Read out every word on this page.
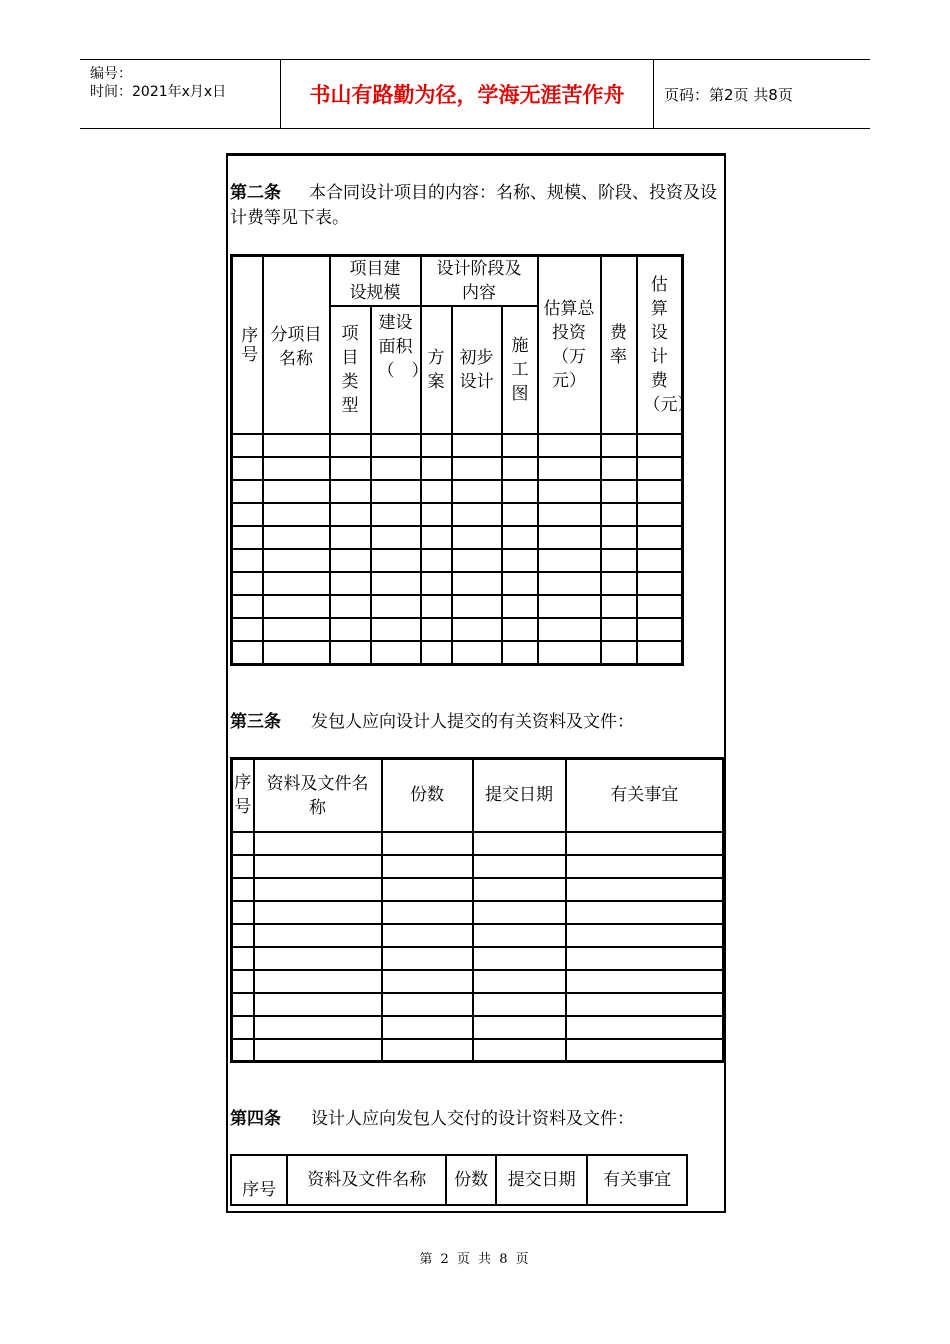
编号：
时间：2021年x月x日	书山有路勤为径，学海无涯苦作舟	页码：第2页 共8页
第二条 本合同设计项目的内容：名称、规模、阶段、投资及设计费等见下表。
序号	分项目名称	项目建设规模		设计阶段及内容			估算总投资（万元）	费率	估算设计费（元）
		项目类型	建设面积（　）	方案	初步设计	施工图			

第三条 发包人应向设计人提交的有关资料及文件：
序号	资料及文件名称	份数	提交日期	有关事宜

第四条 设计人应向发包人交付的设计资料及文件：
序号	资料及文件名称	份数	提交日期	有关事宜
第 2 页 共 8 页
